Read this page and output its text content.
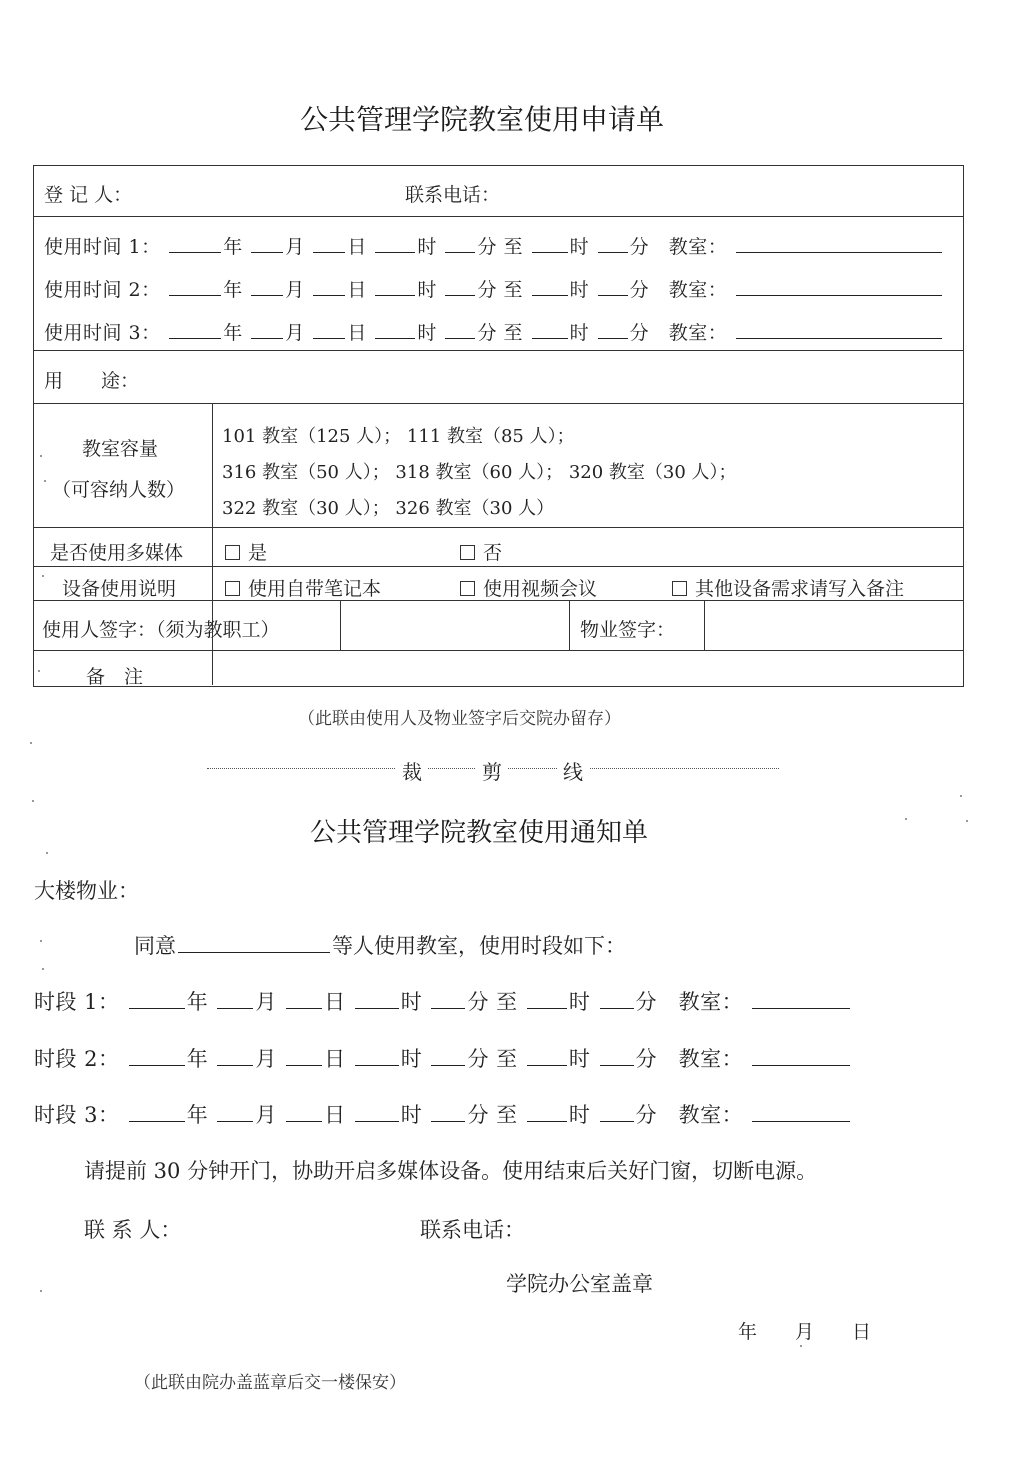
公共管理学院教室使用申请单
登 记 人：	联系电话：
使用时间 1：	年 月 日	时 分 至 时 分 教室：
使用时间 2：	年 月 日	时 分 至 时 分 教室：
使用时间 3：	年 月 日	时 分 至 时 分 教室：
用　　途：
教室容量
（可容纳人数）
101 教室（125 人）； 111 教室（85 人）；
316 教室（50 人）； 318 教室（60 人）； 320 教室（30 人）；
322 教室（30 人）； 326 教室（30 人）
是否使用多媒体	是	否
设备使用说明	使用自带笔记本	使用视频会议	其他设备需求请写入备注
使用人签字：（须为教职工）	物业签字：
备　注
（此联由使用人及物业签字后交院办留存）
裁	剪	线
公共管理学院教室使用通知单
大楼物业：
同意	等人使用教室，使用时段如下：
时段 1：	年 月 日	时 分 至 时 分 教室：
时段 2：	年 月 日	时 分 至 时 分 教室：
时段 3：	年 月 日	时 分 至 时 分 教室：
请提前 30 分钟开门，协助开启多媒体设备。使用结束后关好门窗，切断电源。
联 系 人：	联系电话：
学院办公室盖章
年　　月　　日
（此联由院办盖蓝章后交一楼保安）
